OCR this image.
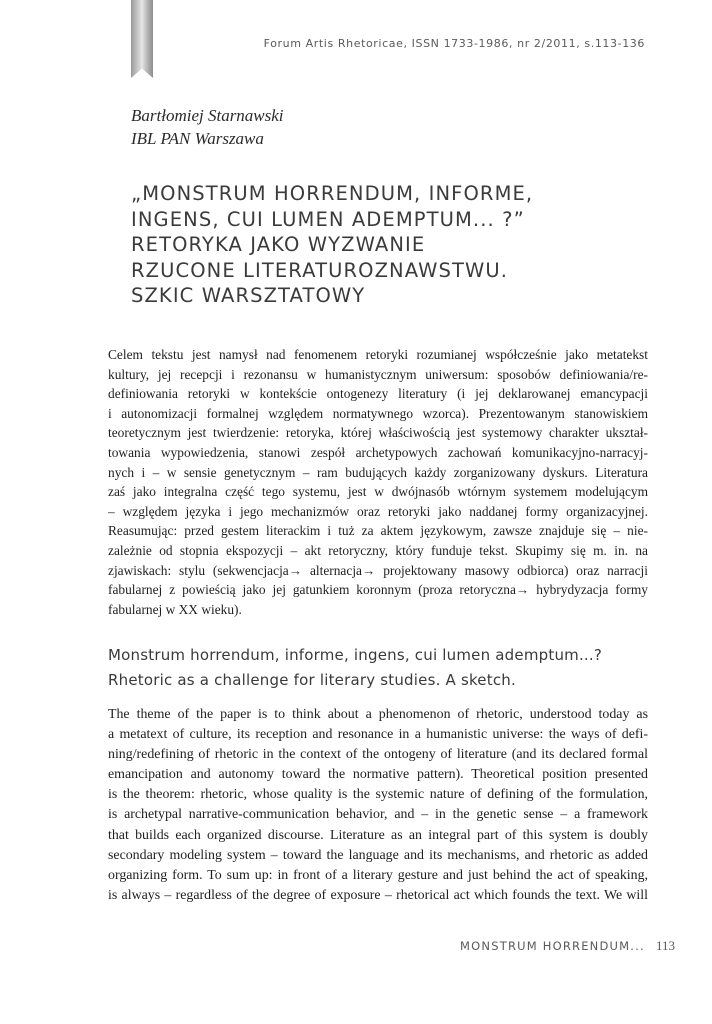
Forum Artis Rhetoricae, ISSN 1733-1986, nr 2/2011, s.113-136
Bartłomiej Starnawski
IBL PAN Warszawa
„MONSTRUM HORRENDUM, INFORME,
INGENS, CUI LUMEN ADEMPTUM... ?”
RETORYKA JAKO WYZWANIE
RZUCONE LITERATUROZNAWSTWU.
SZKIC WARSZTATOWY
Celem tekstu jest namysł nad fenomenem retoryki rozumianej współcześnie jako metatekst
kultury, jej recepcji i rezonansu w humanistycznym uniwersum: sposobów definiowania/re-
definiowania retoryki w kontekście ontogenezy literatury (i jej deklarowanej emancypacji
i autonomizacji formalnej względem normatywnego wzorca). Prezentowanym stanowiskiem
teoretycznym jest twierdzenie: retoryka, której właściwością jest systemowy charakter ukształ-
towania wypowiedzenia, stanowi zespół archetypowych zachowań komunikacyjno-narracyj-
nych i – w sensie genetycznym – ram budujących każdy zorganizowany dyskurs. Literatura
zaś jako integralna część tego systemu, jest w dwójnasób wtórnym systemem modelującym
– względem języka i jego mechanizmów oraz retoryki jako naddanej formy organizacyjnej.
Reasumując: przed gestem literackim i tuż za aktem językowym, zawsze znajduje się – nie-
zależnie od stopnia ekspozycji – akt retoryczny, który funduje tekst. Skupimy się m. in. na
zjawiskach: stylu (sekwencjacja→ alternacja→ projektowany masowy odbiorca) oraz narracji
fabularnej z powieścią jako jej gatunkiem koronnym (proza retoryczna→ hybrydyzacja formy
fabularnej w XX wieku).
Monstrum horrendum, informe, ingens, cui lumen ademptum...?
Rhetoric as a challenge for literary studies. A sketch.
The theme of the paper is to think about a phenomenon of rhetoric, understood today as
a metatext of culture, its reception and resonance in a humanistic universe: the ways of defi-
ning/redefining of rhetoric in the context of the ontogeny of literature (and its declared formal
emancipation and autonomy toward the normative pattern). Theoretical position presented
is the theorem: rhetoric, whose quality is the systemic nature of defining of the formulation,
is archetypal narrative-communication behavior, and – in the genetic sense – a framework
that builds each organized discourse. Literature as an integral part of this system is doubly
secondary modeling system – toward the language and its mechanisms, and rhetoric as added
organizing form. To sum up: in front of a literary gesture and just behind the act of speaking,
is always – regardless of the degree of exposure – rhetorical act which founds the text. We will
MONSTRUM HORRENDUM... 113
